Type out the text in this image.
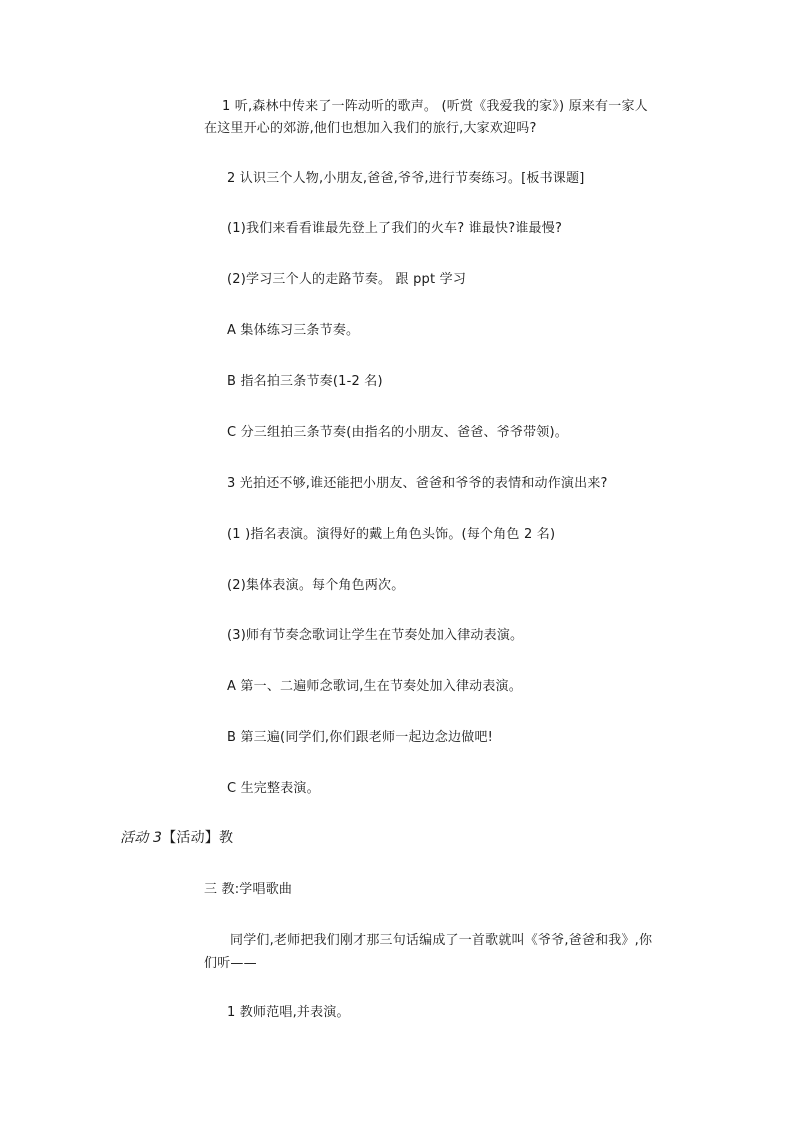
1 听,森林中传来了一阵动听的歌声。 (听赏《我爱我的家》) 原来有一家人
在这里开心的郊游,他们也想加入我们的旅行,大家欢迎吗?
2 认识三个人物,小朋友,爸爸,爷爷,进行节奏练习。[板书课题]
(1)我们来看看谁最先登上了我们的火车? 谁最快?谁最慢?
(2)学习三个人的走路节奏。 跟 ppt 学习
A 集体练习三条节奏。
B 指名拍三条节奏(1-2 名)
C 分三组拍三条节奏(由指名的小朋友、爸爸、爷爷带领)。
3 光拍还不够,谁还能把小朋友、爸爸和爷爷的表情和动作演出来?
(1 )指名表演。演得好的戴上角色头饰。(每个角色 2 名)
(2)集体表演。每个角色两次。
(3)师有节奏念歌词让学生在节奏处加入律动表演。
A 第一、二遍师念歌词,生在节奏处加入律动表演。
B 第三遍(同学们,你们跟老师一起边念边做吧!
C 生完整表演。
活动 3【活动】教
三 教:学唱歌曲
同学们,老师把我们刚才那三句话编成了一首歌就叫《爷爷,爸爸和我》,你
们听——
1 教师范唱,并表演。
